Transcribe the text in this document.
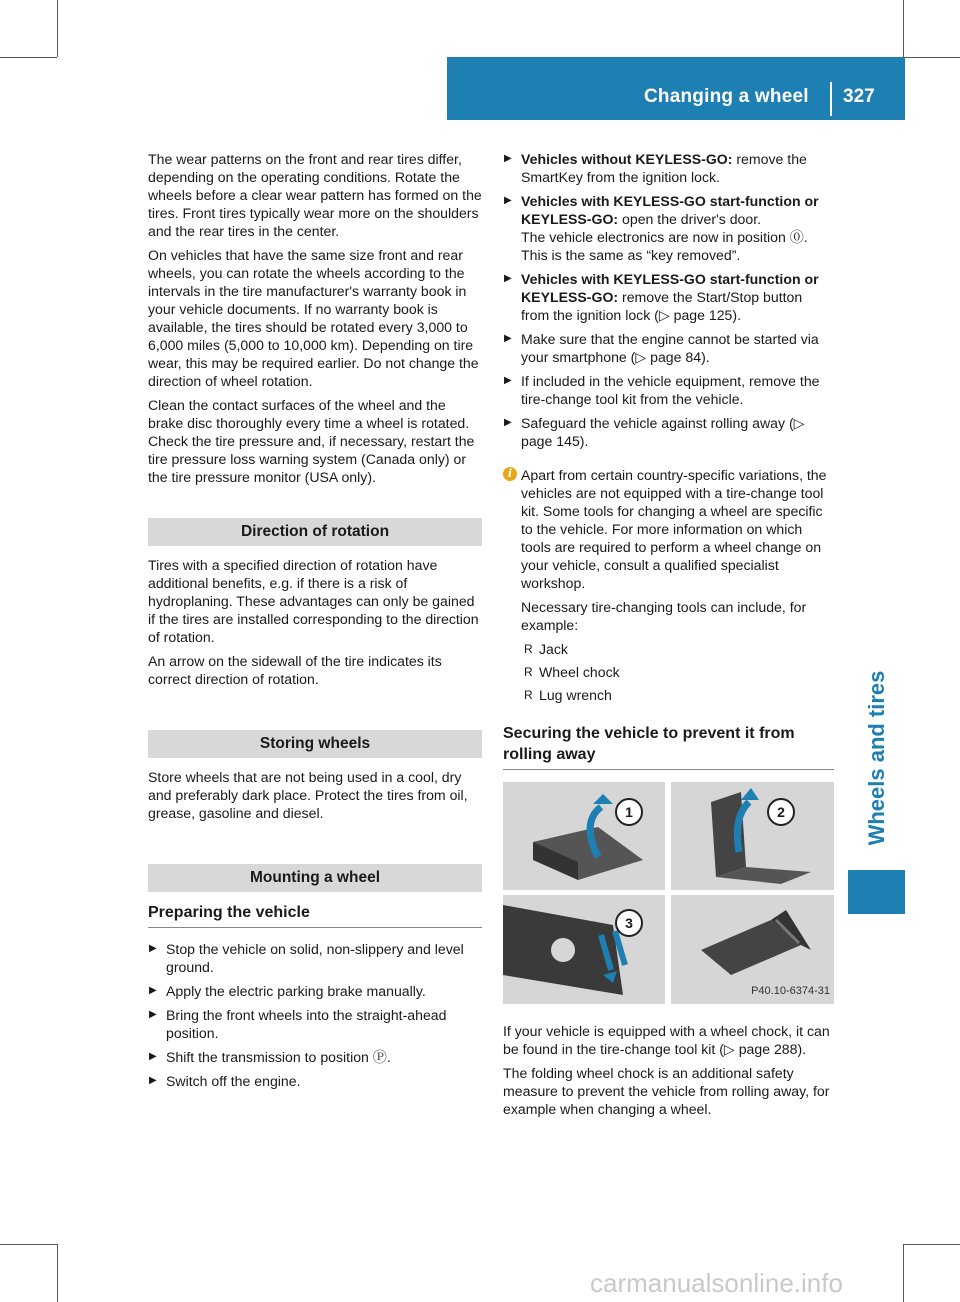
Changing a wheel	327
Wheels and tires

The wear patterns on the front and rear tires differ, depending on the operating conditions. Rotate the wheels before a clear wear pattern has formed on the tires. Front tires typically wear more on the shoulders and the rear tires in the center.

On vehicles that have the same size front and rear wheels, you can rotate the wheels according to the intervals in the tire manufacturer's warranty book in your vehicle documents. If no warranty book is available, the tires should be rotated every 3,000 to 6,000 miles (5,000 to 10,000 km). Depending on tire wear, this may be required earlier. Do not change the direction of wheel rotation.

Clean the contact surfaces of the wheel and the brake disc thoroughly every time a wheel is rotated. Check the tire pressure and, if necessary, restart the tire pressure loss warning system (Canada only) or the tire pressure monitor (USA only).

Direction of rotation

Tires with a specified direction of rotation have additional benefits, e.g. if there is a risk of hydroplaning. These advantages can only be gained if the tires are installed corresponding to the direction of rotation.

An arrow on the sidewall of the tire indicates its correct direction of rotation.

Storing wheels

Store wheels that are not being used in a cool, dry and preferably dark place. Protect the tires from oil, grease, gasoline and diesel.

Mounting a wheel
Preparing the vehicle
▶ Stop the vehicle on solid, non-slippery and level ground.
▶ Apply the electric parking brake manually.
▶ Bring the front wheels into the straight-ahead position.
▶ Shift the transmission to position Ⓟ.
▶ Switch off the engine.
▶ Vehicles without KEYLESS-GO: remove the SmartKey from the ignition lock.
▶ Vehicles with KEYLESS-GO start-function or KEYLESS-GO: open the driver's door.
The vehicle electronics are now in position ⓪. This is the same as “key removed”.
▶ Vehicles with KEYLESS-GO start-function or KEYLESS-GO: remove the Start/Stop button from the ignition lock (▷ page 125).
▶ Make sure that the engine cannot be started via your smartphone (▷ page 84).
▶ If included in the vehicle equipment, remove the tire-change tool kit from the vehicle.
▶ Safeguard the vehicle against rolling away (▷ page 145).
i Apart from certain country-specific variations, the vehicles are not equipped with a tire-change tool kit. Some tools for changing a wheel are specific to the vehicle. For more information on which tools are required to perform a wheel change on your vehicle, consult a qualified specialist workshop.

Necessary tire-changing tools can include, for example:

R Jack
R Wheel chock
R Lug wrench
Securing the vehicle to prevent it from rolling away
1	2
3
P40.10-6374-31

If your vehicle is equipped with a wheel chock, it can be found in the tire-change tool kit (▷ page 288).

The folding wheel chock is an additional safety measure to prevent the vehicle from rolling away, for example when changing a wheel.

carmanualsonline.info
